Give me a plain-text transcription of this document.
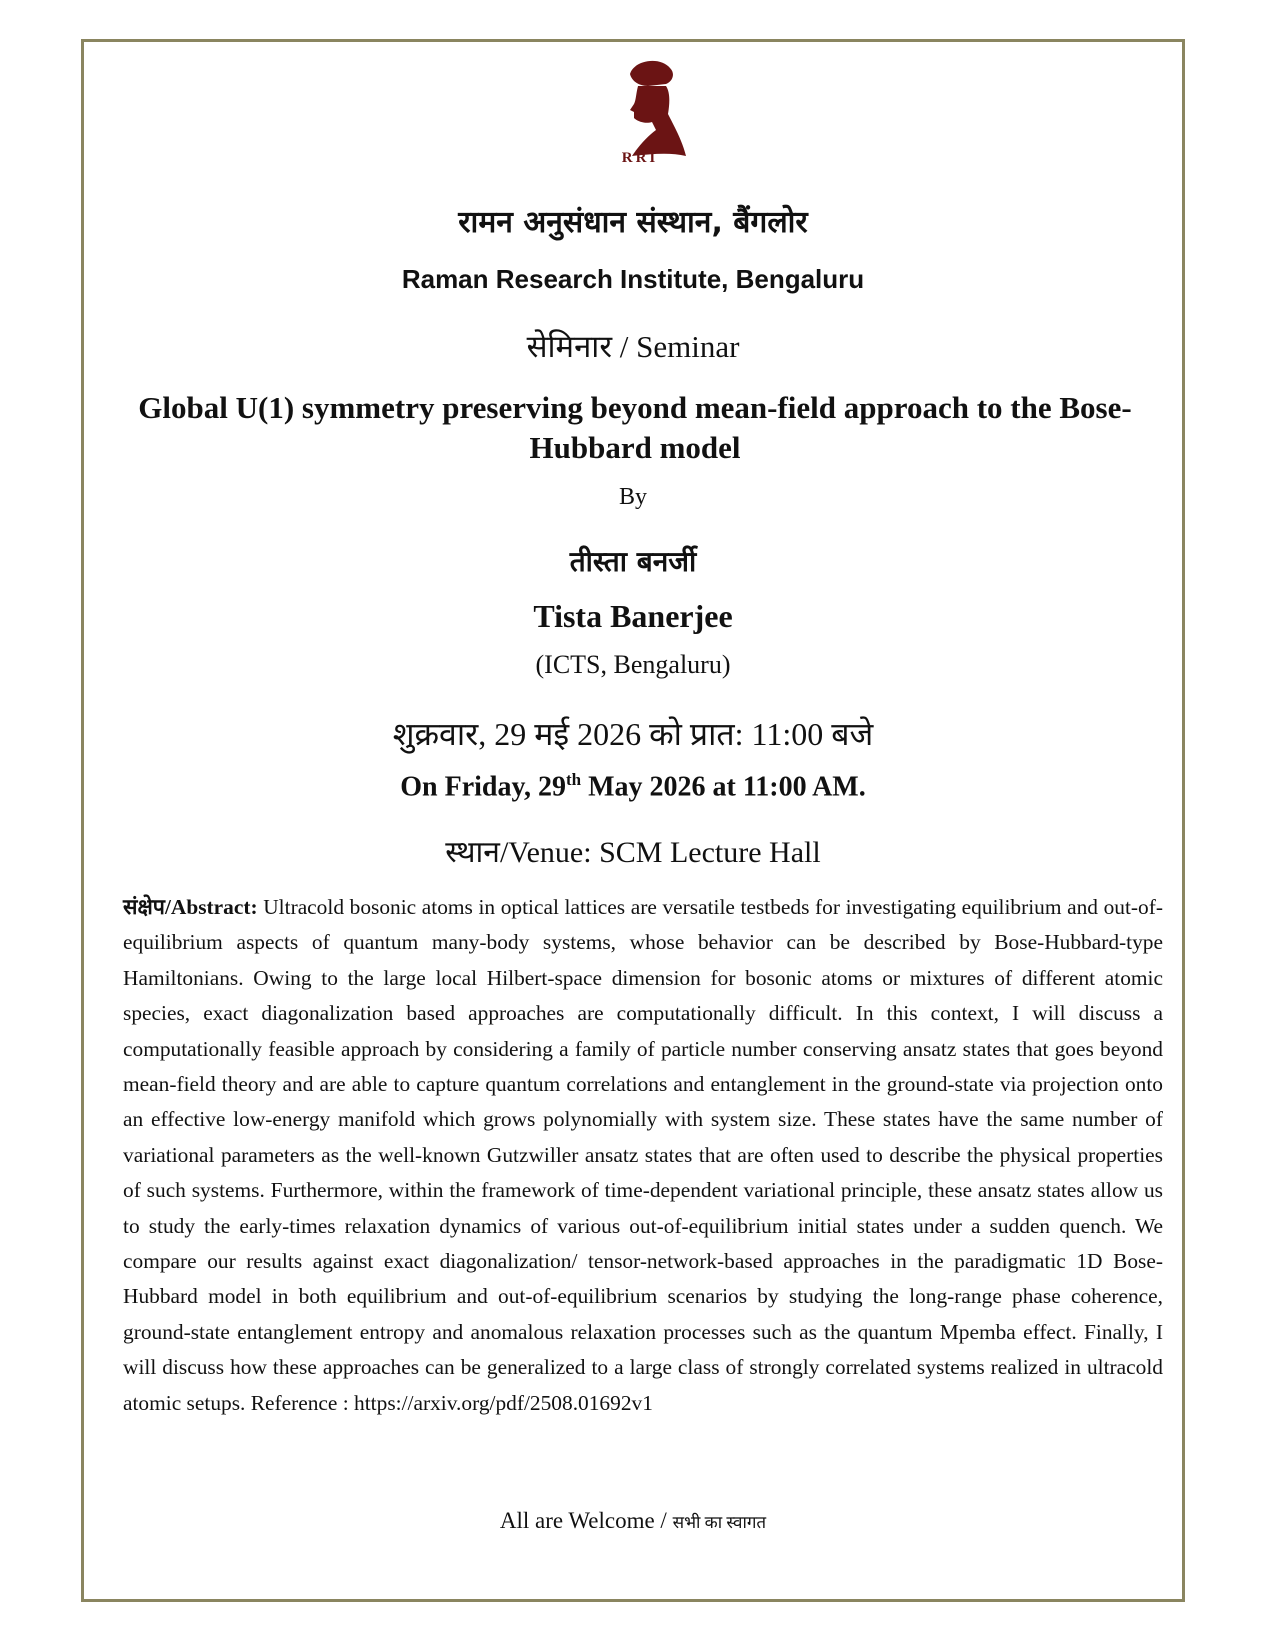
RRI
रामन अनुसंधान संस्थान, बैंगलोर
Raman Research Institute, Bengaluru
सेमिनार / Seminar
Global U(1) symmetry preserving beyond mean-field approach to the Bose-Hubbard model
By
तीस्ता बनर्जी
Tista Banerjee
(ICTS, Bengaluru)
शुक्रवार, 29 मई 2026 को प्रात: 11:00 बजे
On Friday, 29th May 2026 at 11:00 AM.
स्थान/Venue: SCM Lecture Hall
संक्षेप/Abstract: Ultracold bosonic atoms in optical lattices are versatile testbeds for investigating equilibrium and out-of-equilibrium aspects of quantum many-body systems, whose behavior can be described by Bose-Hubbard-type Hamiltonians. Owing to the large local Hilbert-space dimension for bosonic atoms or mixtures of different atomic species, exact diagonalization based approaches are computationally difficult. In this context, I will discuss a computationally feasible approach by considering a family of particle number conserving ansatz states that goes beyond mean-field theory and are able to capture quantum correlations and entanglement in the ground-state via projection onto an effective low-energy manifold which grows polynomially with system size. These states have the same number of variational parameters as the well-known Gutzwiller ansatz states that are often used to describe the physical properties of such systems. Furthermore, within the framework of time-dependent variational principle, these ansatz states allow us to study the early-times relaxation dynamics of various out-of-equilibrium initial states under a sudden quench. We compare our results against exact diagonalization/ tensor-network-based approaches in the paradigmatic 1D Bose-Hubbard model in both equilibrium and out-of-equilibrium scenarios by studying the long-range phase coherence, ground-state entanglement entropy and anomalous relaxation processes such as the quantum Mpemba effect. Finally, I will discuss how these approaches can be generalized to a large class of strongly correlated systems realized in ultracold atomic setups. Reference : https://arxiv.org/pdf/2508.01692v1
All are Welcome / सभी का स्वागत
